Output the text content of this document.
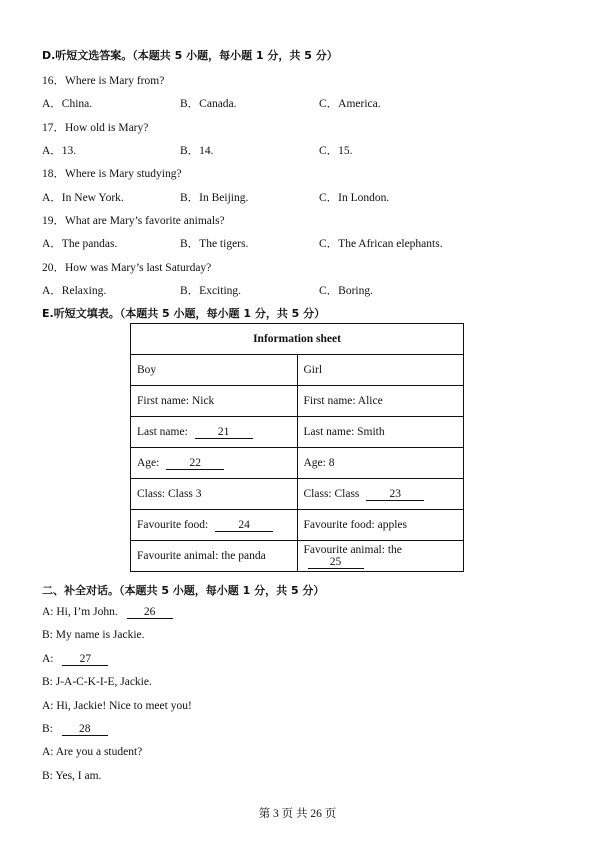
D.听短文选答案。（本题共 5 小题，每小题 1 分，共 5 分）
16．Where is Mary from?
A．China.	B．Canada.	C．America.
17．How old is Mary?
A．13.	B．14.	C．15.
18．Where is Mary studying?
A．In New York.	B．In Beijing.	C．In London.
19．What are Mary’s favorite animals?
A．The pandas.	B．The tigers.	C．The African elephants.
20．How was Mary’s last Saturday?
A．Relaxing.	B．Exciting.	C．Boring.
E.听短文填表。（本题共 5 小题，每小题 1 分，共 5 分）
Information sheet	
Boy	Girl
First name: Nick	First name: Alice
Last name: 21	Last name: Smith
Age: 22	Age: 8
Class: Class 3	Class: Class 23
Favourite food: 24	Favourite food: apples
Favourite animal: the panda	Favourite animal: the 25
二、补全对话。（本题共 5 小题，每小题 1 分，共 5 分）
A: Hi, I’m John. 26
B: My name is Jackie.
A: 27
B: J-A-C-K-I-E, Jackie.
A: Hi, Jackie! Nice to meet you!
B: 28
A: Are you a student?
B: Yes, I am.
第 3 页 共 26 页
